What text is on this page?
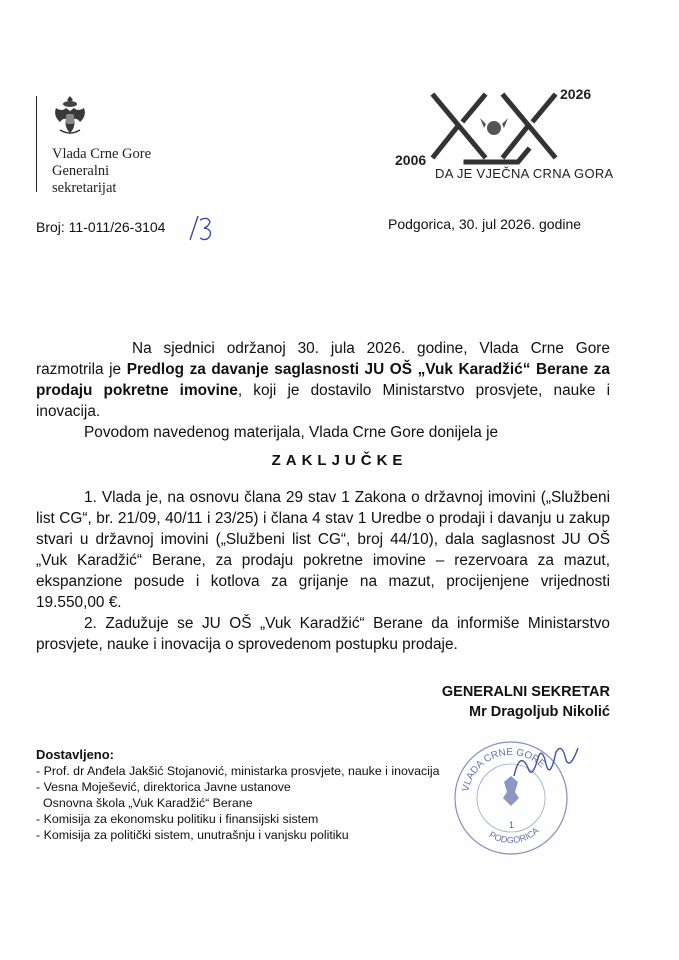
Vlada Crne Gore
Generalni
sekretarijat
2026
2006
DA JE VJEČNA CRNA GORA
Broj: 11-011/26-3104	Podgorica, 30. jul 2026. godine
Na sjednici održanoj 30. jula 2026. godine, Vlada Crne Gore razmotrila je Predlog za davanje saglasnosti JU OŠ „Vuk Karadžić“ Berane za prodaju pokretne imovine, koji je dostavilo Ministarstvo prosvjete, nauke i inovacija.
Povodom navedenog materijala, Vlada Crne Gore donijela je
ZAKLJUČKE

1. Vlada je, na osnovu člana 29 stav 1 Zakona o državnoj imovini („Službeni list CG“, br. 21/09, 40/11 i 23/25) i člana 4 stav 1 Uredbe o prodaji i davanju u zakup stvari u državnoj imovini („Službeni list CG“, broj 44/10), dala saglasnost JU OŠ „Vuk Karadžić“ Berane, za prodaju pokretne imovine – rezervoara za mazut, ekspanzione posude i kotlova za grijanje na mazut, procijenjene vrijednosti 19.550,00 €.

2. Zadužuje se JU OŠ „Vuk Karadžić“ Berane da informiše Ministarstvo prosvjete, nauke i inovacija o sprovedenom postupku prodaje.

GENERALNI SEKRETAR
Mr Dragoljub Nikolić
VLADA CRNE GORE
PODGORICA
1
Dostavljeno:
- Prof. dr Anđela Jakšić Stojanović, ministarka prosvjete, nauke i inovacija
- Vesna Moješević, direktorica Javne ustanove
Osnovna škola „Vuk Karadžić“ Berane
- Komisija za ekonomsku politiku i finansijski sistem
- Komisija za politički sistem, unutrašnju i vanjsku politiku
